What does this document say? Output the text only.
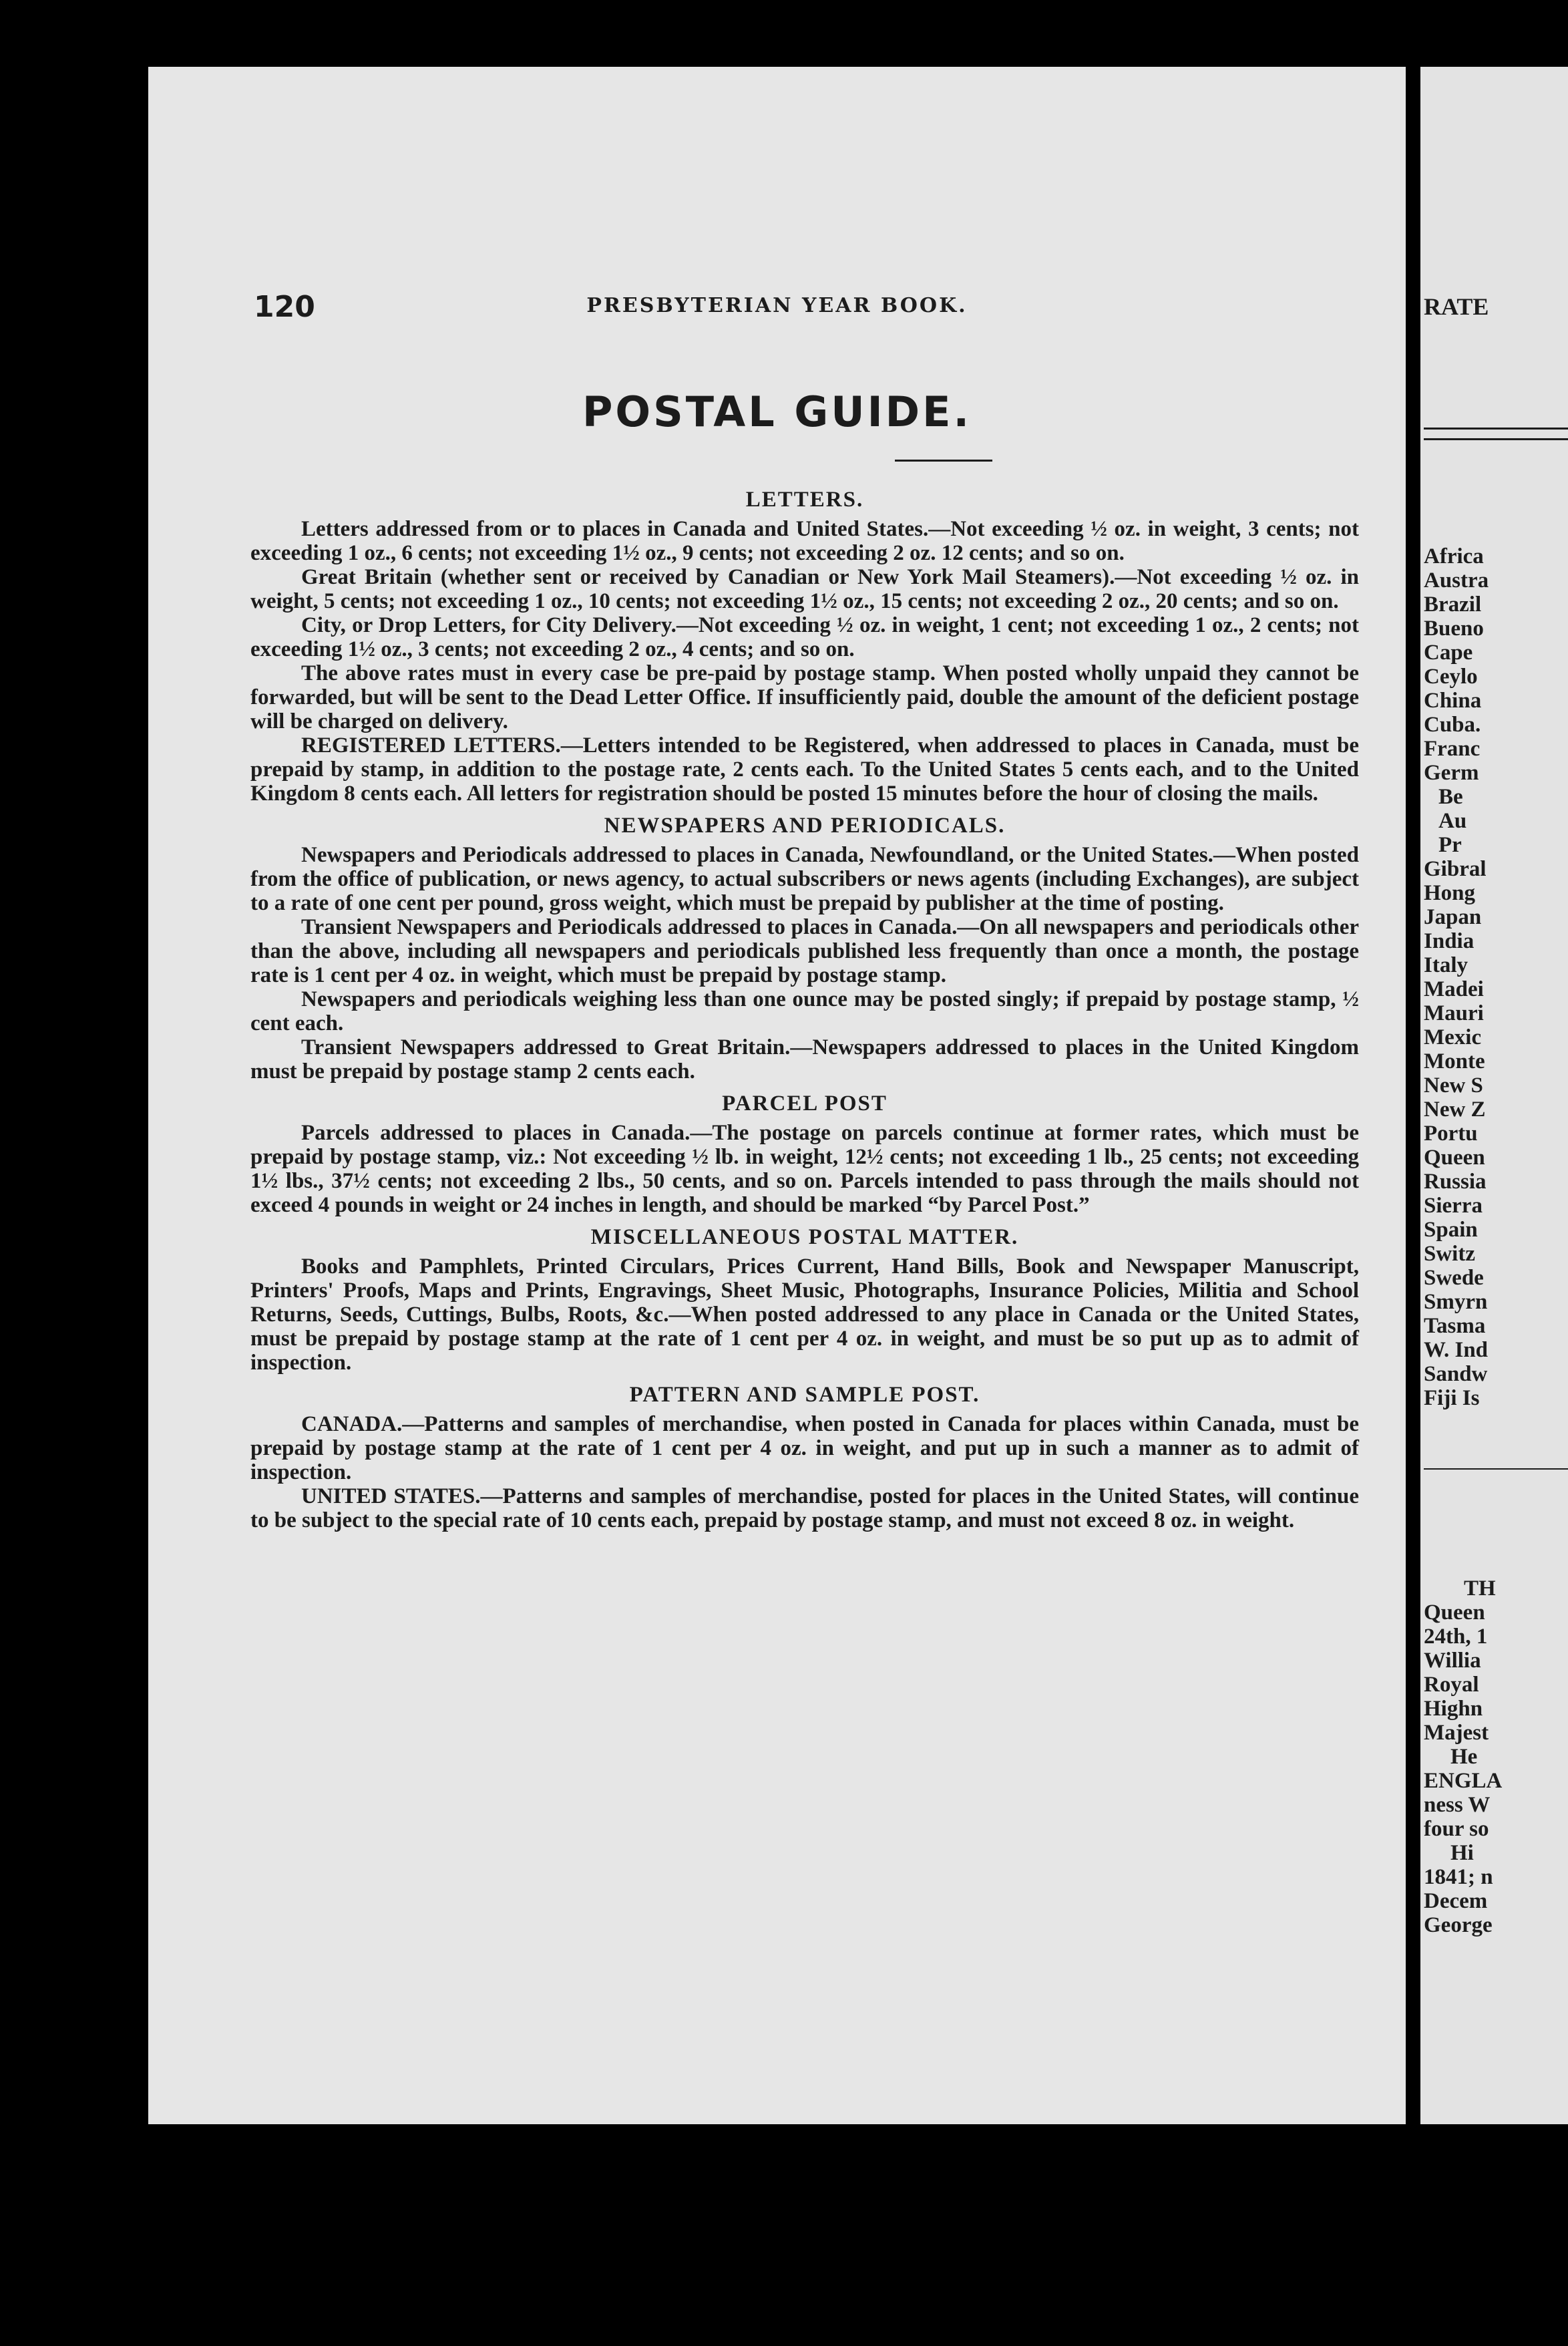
120	PRESBYTERIAN YEAR BOOK.
POSTAL GUIDE.
LETTERS.

Letters addressed from or to places in Canada and United States.—Not exceeding ½ oz. in weight, 3 cents; not exceeding 1 oz., 6 cents; not exceeding 1½ oz., 9 cents; not exceeding 2 oz. 12 cents; and so on.

Great Britain (whether sent or received by Canadian or New York Mail Steamers).—Not exceeding ½ oz. in weight, 5 cents; not exceeding 1 oz., 10 cents; not exceeding 1½ oz., 15 cents; not exceeding 2 oz., 20 cents; and so on.

City, or Drop Letters, for City Delivery.—Not exceeding ½ oz. in weight, 1 cent; not exceeding 1 oz., 2 cents; not exceeding 1½ oz., 3 cents; not exceeding 2 oz., 4 cents; and so on.

The above rates must in every case be pre-paid by postage stamp. When posted wholly unpaid they cannot be forwarded, but will be sent to the Dead Letter Office. If insufficiently paid, double the amount of the deficient postage will be charged on delivery.

REGISTERED LETTERS.—Letters intended to be Registered, when addressed to places in Canada, must be prepaid by stamp, in addition to the postage rate, 2 cents each. To the United States 5 cents each, and to the United Kingdom 8 cents each. All letters for registration should be posted 15 minutes before the hour of closing the mails.

NEWSPAPERS AND PERIODICALS.

Newspapers and Periodicals addressed to places in Canada, Newfoundland, or the United States.—When posted from the office of publication, or news agency, to actual subscribers or news agents (including Exchanges), are subject to a rate of one cent per pound, gross weight, which must be prepaid by publisher at the time of posting.

Transient Newspapers and Periodicals addressed to places in Canada.—On all newspapers and periodicals other than the above, including all newspapers and periodicals published less frequently than once a month, the postage rate is 1 cent per 4 oz. in weight, which must be prepaid by postage stamp.

Newspapers and periodicals weighing less than one ounce may be posted singly; if prepaid by postage stamp, ½ cent each.

Transient Newspapers addressed to Great Britain.—Newspapers addressed to places in the United Kingdom must be prepaid by postage stamp 2 cents each.

PARCEL POST

Parcels addressed to places in Canada.—The postage on parcels continue at former rates, which must be prepaid by postage stamp, viz.: Not exceeding ½ lb. in weight, 12½ cents; not exceeding 1 lb., 25 cents; not exceeding 1½ lbs., 37½ cents; not exceeding 2 lbs., 50 cents, and so on. Parcels intended to pass through the mails should not exceed 4 pounds in weight or 24 inches in length, and should be marked “by Parcel Post.”

MISCELLANEOUS POSTAL MATTER.

Books and Pamphlets, Printed Circulars, Prices Current, Hand Bills, Book and Newspaper Manuscript, Printers' Proofs, Maps and Prints, Engravings, Sheet Music, Photographs, Insurance Policies, Militia and School Returns, Seeds, Cuttings, Bulbs, Roots, &c.—When posted addressed to any place in Canada or the United States, must be prepaid by postage stamp at the rate of 1 cent per 4 oz. in weight, and must be so put up as to admit of inspection.

PATTERN AND SAMPLE POST.

CANADA.—Patterns and samples of merchandise, when posted in Canada for places within Canada, must be prepaid by postage stamp at the rate of 1 cent per 4 oz. in weight, and put up in such a manner as to admit of inspection.

UNITED STATES.—Patterns and samples of merchandise, posted for places in the United States, will continue to be subject to the special rate of 10 cents each, prepaid by postage stamp, and must not exceed 8 oz. in weight.

RATE
Africa
Austra
Brazil
Bueno
Cape
Ceylo
China
Cuba.
Franc
Germ
Be
Au
Pr
Gibral
Hong
Japan
India
Italy
Madei
Mauri
Mexic
Monte
New S
New Z
Portu
Queen
Russia
Sierra
Spain
Switz
Swede
Smyrn
Tasma
W. Ind
Sandw
Fiji Is
TH
Queen
24th, 1
Willia
Royal
Highn
Majest
He
ENGLA
ness W
four so
Hi
1841; n
Decem
George
